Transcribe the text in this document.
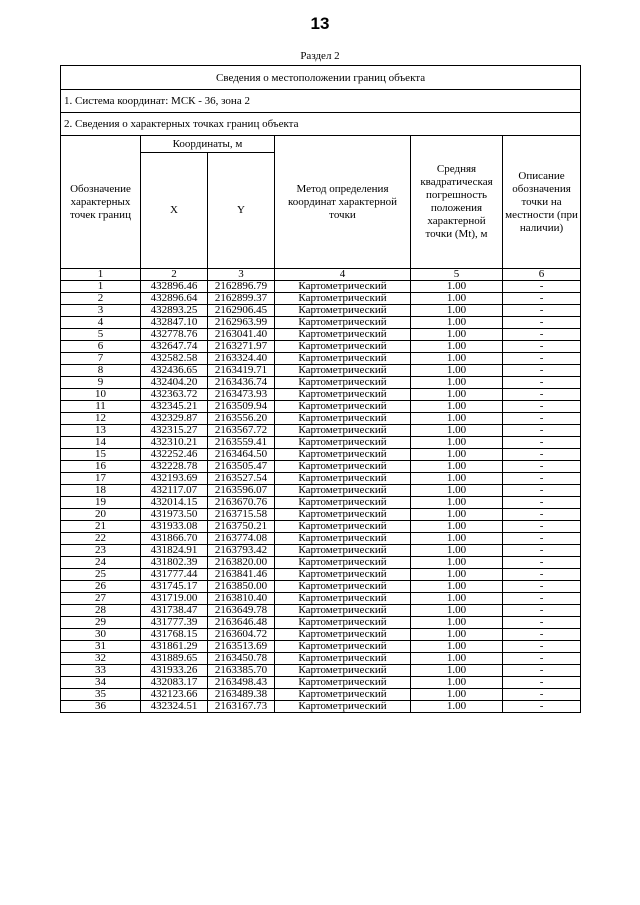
13
Раздел 2
Сведения о местоположении границ объекта					
1. Система координат: МСК - 36, зона 2					
2. Сведения о характерных точках границ объекта					
Обозначение характерных точек границ	Координаты, м		Метод определения координат характерной точки	Средняя квадратическая погрешность положения характерной точки (Mt), м	Описание обозначения точки на местности (при наличии)
	X	Y			
1	2	3	4	5	6
1	432896.46	2162896.79	Картометрический	1.00	-
2	432896.64	2162899.37	Картометрический	1.00	-
3	432893.25	2162906.45	Картометрический	1.00	-
4	432847.10	2162963.99	Картометрический	1.00	-
5	432778.76	2163041.40	Картометрический	1.00	-
6	432647.74	2163271.97	Картометрический	1.00	-
7	432582.58	2163324.40	Картометрический	1.00	-
8	432436.65	2163419.71	Картометрический	1.00	-
9	432404.20	2163436.74	Картометрический	1.00	-
10	432363.72	2163473.93	Картометрический	1.00	-
11	432345.21	2163509.94	Картометрический	1.00	-
12	432329.87	2163556.20	Картометрический	1.00	-
13	432315.27	2163567.72	Картометрический	1.00	-
14	432310.21	2163559.41	Картометрический	1.00	-
15	432252.46	2163464.50	Картометрический	1.00	-
16	432228.78	2163505.47	Картометрический	1.00	-
17	432193.69	2163527.54	Картометрический	1.00	-
18	432117.07	2163596.07	Картометрический	1.00	-
19	432014.15	2163670.76	Картометрический	1.00	-
20	431973.50	2163715.58	Картометрический	1.00	-
21	431933.08	2163750.21	Картометрический	1.00	-
22	431866.70	2163774.08	Картометрический	1.00	-
23	431824.91	2163793.42	Картометрический	1.00	-
24	431802.39	2163820.00	Картометрический	1.00	-
25	431777.44	2163841.46	Картометрический	1.00	-
26	431745.17	2163850.00	Картометрический	1.00	-
27	431719.00	2163810.40	Картометрический	1.00	-
28	431738.47	2163649.78	Картометрический	1.00	-
29	431777.39	2163646.48	Картометрический	1.00	-
30	431768.15	2163604.72	Картометрический	1.00	-
31	431861.29	2163513.69	Картометрический	1.00	-
32	431889.65	2163450.78	Картометрический	1.00	-
33	431933.26	2163385.70	Картометрический	1.00	-
34	432083.17	2163498.43	Картометрический	1.00	-
35	432123.66	2163489.38	Картометрический	1.00	-
36	432324.51	2163167.73	Картометрический	1.00	-
